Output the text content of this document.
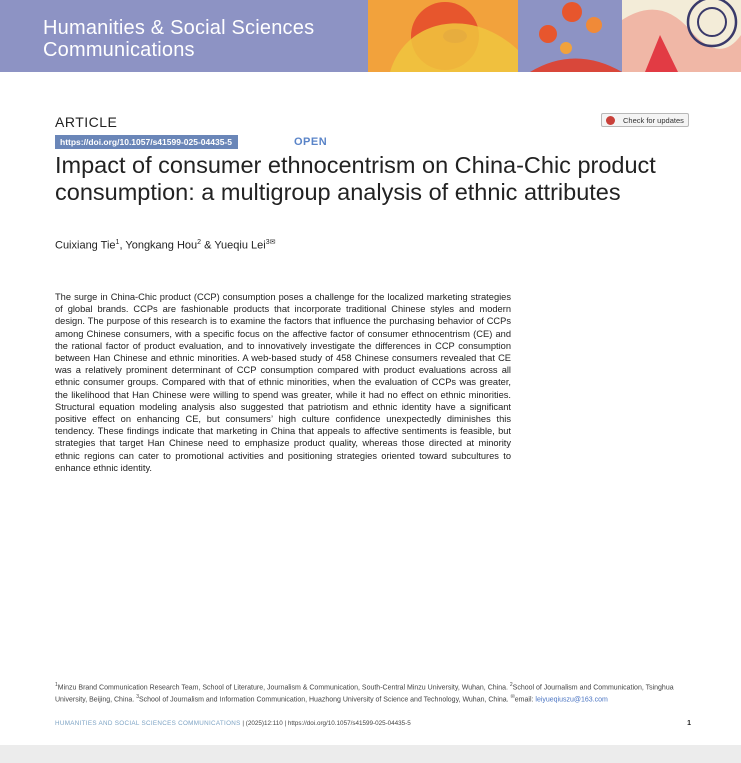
Humanities & Social Sciences
Communications
ARTICLE
https://doi.org/10.1057/s41599-025-04435-5	OPEN
Check for updates
Impact of consumer ethnocentrism on China-Chic product consumption: a multigroup analysis of ethnic attributes
Cuixiang Tie$^1$, Yongkang Hou$^2$ & Yueqiu Lei$^{3✉}$

The surge in China-Chic product (CCP) consumption poses a challenge for the localized marketing strategies of global brands. CCPs are fashionable products that incorporate traditional Chinese styles and modern design. The purpose of this research is to examine the factors that influence the purchasing behavior of CCPs among Chinese consumers, with a specific focus on the affective factor of consumer ethnocentrism (CE) and the rational factor of product evaluation, and to innovatively investigate the differences in CCP consumption between Han Chinese and ethnic minorities. A web-based study of 458 Chinese consumers revealed that CE was a relatively prominent determinant of CCP consumption compared with product evaluations across all ethnic consumer groups. Compared with that of ethnic minorities, when the evaluation of CCPs was greater, the likelihood that Han Chinese were willing to spend was greater, while it had no effect on ethnic minorities. Structural equation modeling analysis also suggested that patriotism and ethnic identity have a significant positive effect on enhancing CE, but consumers’ high culture confidence unexpectedly diminishes this tendency. These findings indicate that marketing in China that appeals to affective sentiments is feasible, but strategies that target Han Chinese need to emphasize product quality, whereas those directed at minority ethnic regions can cater to promotional activities and positioning strategies oriented toward subcultures to enhance ethnic identity.

$^1$Minzu Brand Communication Research Team, School of Literature, Journalism & Communication, South-Central Minzu University, Wuhan, China. $^2$School of Journalism and Communication, Tsinghua University, Beijing, China. $^3$School of Journalism and Information Communication, Huazhong University of Science and Technology, Wuhan, China. ✉email: leiyueqiuszu@163.com

HUMANITIES AND SOCIAL SCIENCES COMMUNICATIONS | (2025)12:110 | https://doi.org/10.1057/s41599-025-04435-5	1
